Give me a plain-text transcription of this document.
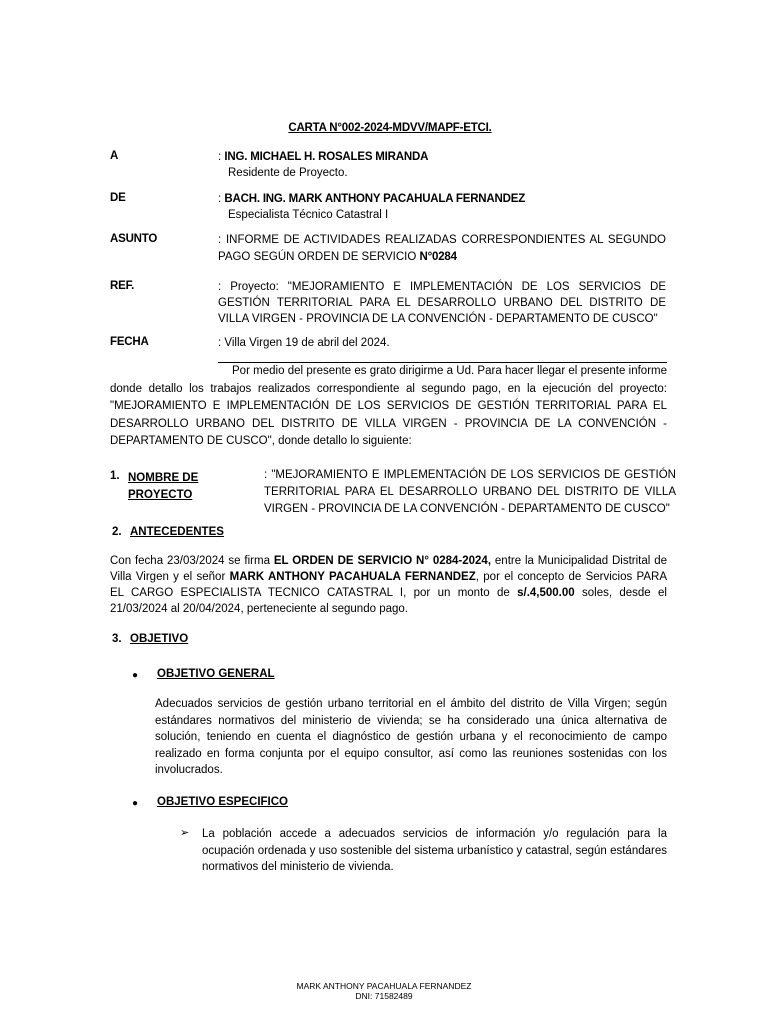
CARTA N°002-2024-MDVV/MAPF-ETCI.
A	: ING. MICHAEL H. ROSALES MIRANDA
Residente de Proyecto.
DE	: BACH. ING. MARK ANTHONY PACAHUALA FERNANDEZ
Especialista Técnico Catastral I
ASUNTO	: INFORME DE ACTIVIDADES REALIZADAS CORRESPONDIENTES AL SEGUNDO PAGO SEGÚN ORDEN DE SERVICIO N°0284
REF.	: Proyecto: "MEJORAMIENTO E IMPLEMENTACIÓN DE LOS SERVICIOS DE GESTIÓN TERRITORIAL PARA EL DESARROLLO URBANO DEL DISTRITO DE VILLA VIRGEN - PROVINCIA DE LA CONVENCIÓN - DEPARTAMENTO DE CUSCO"
FECHA	: Villa Virgen 19 de abril del 2024.
Por medio del presente es grato dirigirme a Ud. Para hacer llegar el presente informe donde detallo los trabajos realizados correspondiente al segundo pago, en la ejecución del proyecto: "MEJORAMIENTO E IMPLEMENTACIÓN DE LOS SERVICIOS DE GESTIÓN TERRITORIAL PARA EL DESARROLLO URBANO DEL DISTRITO DE VILLA VIRGEN - PROVINCIA DE LA CONVENCIÓN - DEPARTAMENTO DE CUSCO", donde detallo lo siguiente:
1. NOMBRE DE
PROYECTO
: "MEJORAMIENTO E IMPLEMENTACIÓN DE LOS SERVICIOS DE GESTIÓN TERRITORIAL PARA EL DESARROLLO URBANO DEL DISTRITO DE VILLA VIRGEN - PROVINCIA DE LA CONVENCIÓN - DEPARTAMENTO DE CUSCO"
2. ANTECEDENTES
Con fecha 23/03/2024 se firma EL ORDEN DE SERVICIO N° 0284-2024, entre la Municipalidad Distrital de Villa Virgen y el señor MARK ANTHONY PACAHUALA FERNANDEZ, por el concepto de Servicios PARA EL CARGO ESPECIALISTA TECNICO CATASTRAL I, por un monto de s/.4,500.00 soles, desde el 21/03/2024 al 20/04/2024, perteneciente al segundo pago.
3. OBJETIVO
● OBJETIVO GENERAL
Adecuados servicios de gestión urbano territorial en el ámbito del distrito de Villa Virgen; según estándares normativos del ministerio de vivienda; se ha considerado una única alternativa de solución, teniendo en cuenta el diagnóstico de gestión urbana y el reconocimiento de campo realizado en forma conjunta por el equipo consultor, así como las reuniones sostenidas con los involucrados.
● OBJETIVO ESPECIFICO
➢ La población accede a adecuados servicios de información y/o regulación para la ocupación ordenada y uso sostenible del sistema urbanístico y catastral, según estándares normativos del ministerio de vivienda.
MARK ANTHONY PACAHUALA FERNANDEZ
DNI: 71582489
